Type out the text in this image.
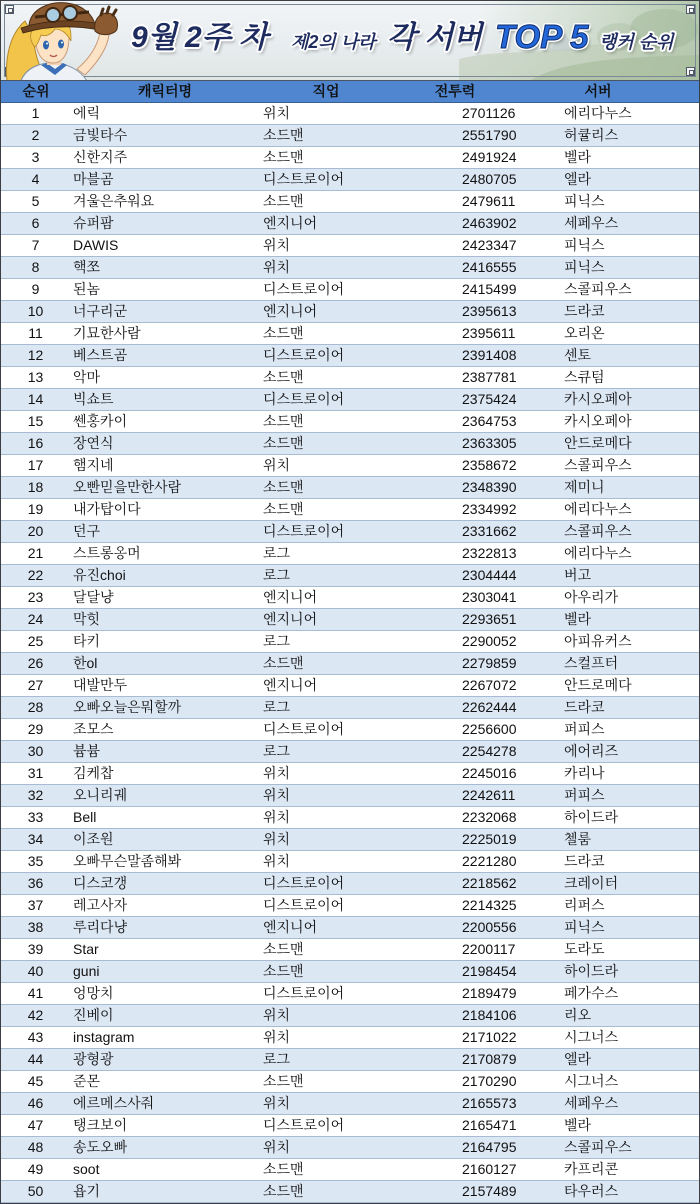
9월 2주 차 제2의 나라 각 서버 TOP 5 랭커 순위
순위	캐릭터명	직업	전투력	서버
1	에릭	위치	2701126	에리다누스
2	금빛타수	소드맨	2551790	허큘리스
3	신한지주	소드맨	2491924	벨라
4	마블곰	디스트로이어	2480705	엘라
5	겨울은추워요	소드맨	2479611	피닉스
6	슈퍼팜	엔지니어	2463902	세페우스
7	DAWIS	위치	2423347	피닉스
8	핵쪼	위치	2416555	피닉스
9	된놈	디스트로이어	2415499	스콜피우스
10	너구리군	엔지니어	2395613	드라코
11	기묘한사람	소드맨	2395611	오리온
12	베스트곰	디스트로이어	2391408	센토
13	악마	소드맨	2387781	스큐텀
14	빅쇼트	디스트로이어	2375424	카시오페아
15	쎈홍카이	소드맨	2364753	카시오페아
16	장연식	소드맨	2363305	안드로메다
17	햄지네	위치	2358672	스콜피우스
18	오빤믿을만한사람	소드맨	2348390	제미니
19	내가탑이다	소드맨	2334992	에리다누스
20	던구	디스트로이어	2331662	스콜피우스
21	스트롱옹머	로그	2322813	에리다누스
22	유진choi	로그	2304444	버고
23	달달냥	엔지니어	2303041	아우리가
24	막힛	엔지니어	2293651	벨라
25	타키	로그	2290052	아피유커스
26	한ol	소드맨	2279859	스컬프터
27	대발만두	엔지니어	2267072	안드로메다
28	오빠오늘은뭐할까	로그	2262444	드라코
29	조모스	디스트로이어	2256600	퍼피스
30	븀븀	로그	2254278	에어리즈
31	김케찹	위치	2245016	카리나
32	오니리궤	위치	2242611	퍼피스
33	Bell	위치	2232068	하이드라
34	이조원	위치	2225019	첼룸
35	오빠무슨말좀해봐	위치	2221280	드라코
36	디스코갱	디스트로이어	2218562	크레이터
37	레고사자	디스트로이어	2214325	리퍼스
38	루리다냥	엔지니어	2200556	피닉스
39	Star	소드맨	2200117	도라도
40	guni	소드맨	2198454	하이드라
41	엉망치	디스트로이어	2189479	페가수스
42	진베이	위치	2184106	리오
43	instagram	위치	2171022	시그너스
44	광형광	로그	2170879	엘라
45	준몬	소드맨	2170290	시그너스
46	에르메스사줘	위치	2165573	세페우스
47	탱크보이	디스트로이어	2165471	벨라
48	송도오빠	위치	2164795	스콜피우스
49	soot	소드맨	2160127	카프리콘
50	욥기	소드맨	2157489	타우러스
